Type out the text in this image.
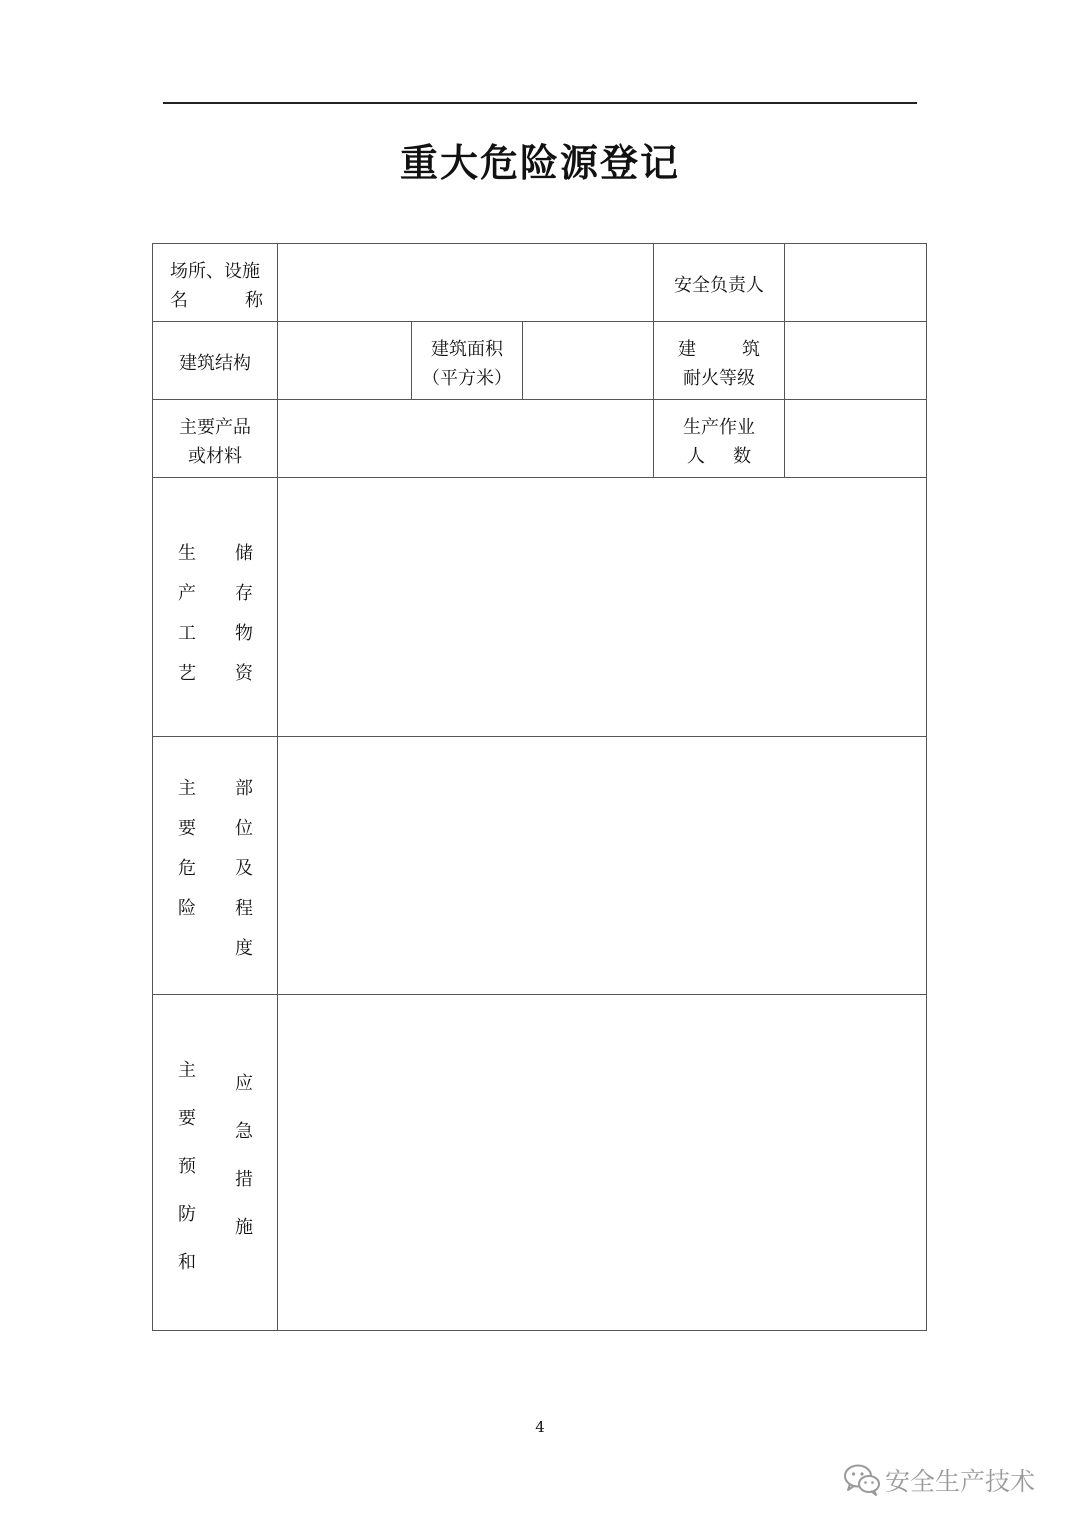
重大危险源登记
场所、设施
名	称
安全负责人
建筑结构
建筑面积
（平方米）
建	筑
耐火等级
主要产品
或材料
生产作业
人 数
生
产
工
艺
储
存
物
资
主
要
危
险
部
位
及
程
度
主
要
预
防
和
应
急
措
施
4
安全生产技术
